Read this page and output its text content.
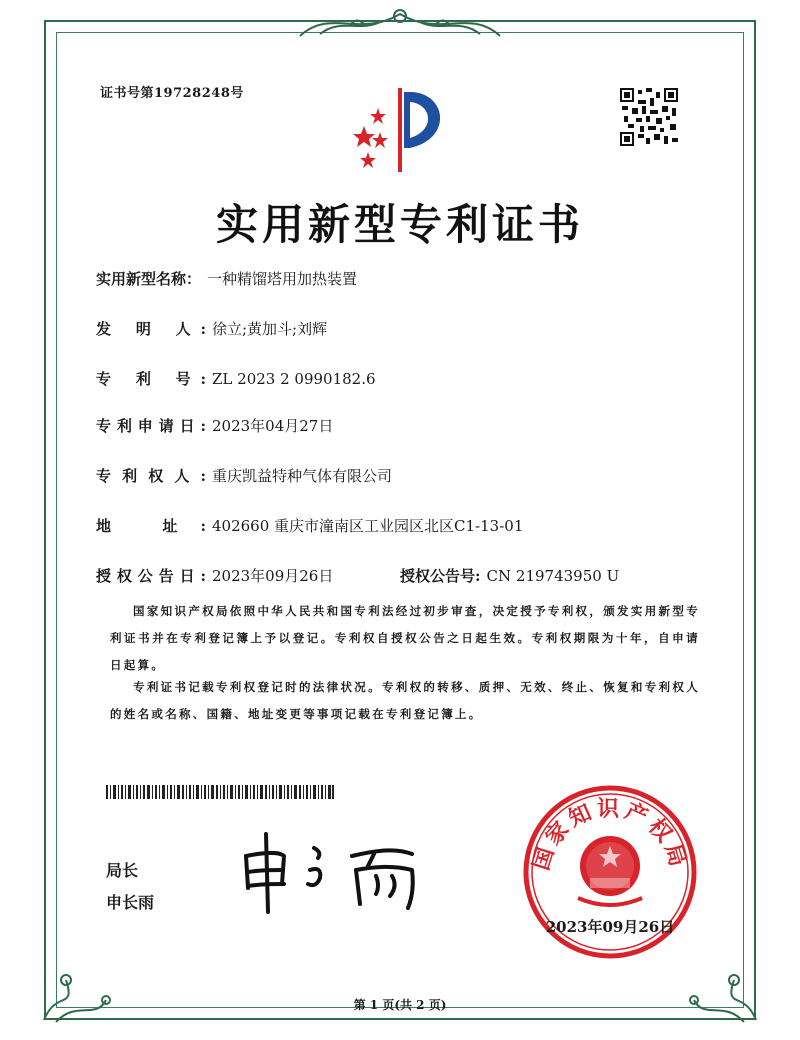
证书号第19728248号
实用新型专利证书
实用新型名称： 一种精馏塔用加热装置
发 明 人: 徐立;黄加斗;刘辉
专 利 号: ZL 2023 2 0990182.6
专利申请日: 2023年04月27日
专利权人: 重庆凯益特种气体有限公司
地 址: 402660 重庆市潼南区工业园区北区C1-13-01
授权公告日: 2023年09月26日	授权公告号: CN 219743950 U
国家知识产权局依照中华人民共和国专利法经过初步审查，决定授予专利权，颁发实用新型专利证书并在专利登记簿上予以登记。专利权自授权公告之日起生效。专利权期限为十年，自申请日起算。
专利证书记载专利权登记时的法律状况。专利权的转移、质押、无效、终止、恢复和专利权人的姓名或名称、国籍、地址变更等事项记载在专利登记簿上。
局长
申长雨
国家知识产权局
2023年09月26日
第 1 页(共 2 页)
